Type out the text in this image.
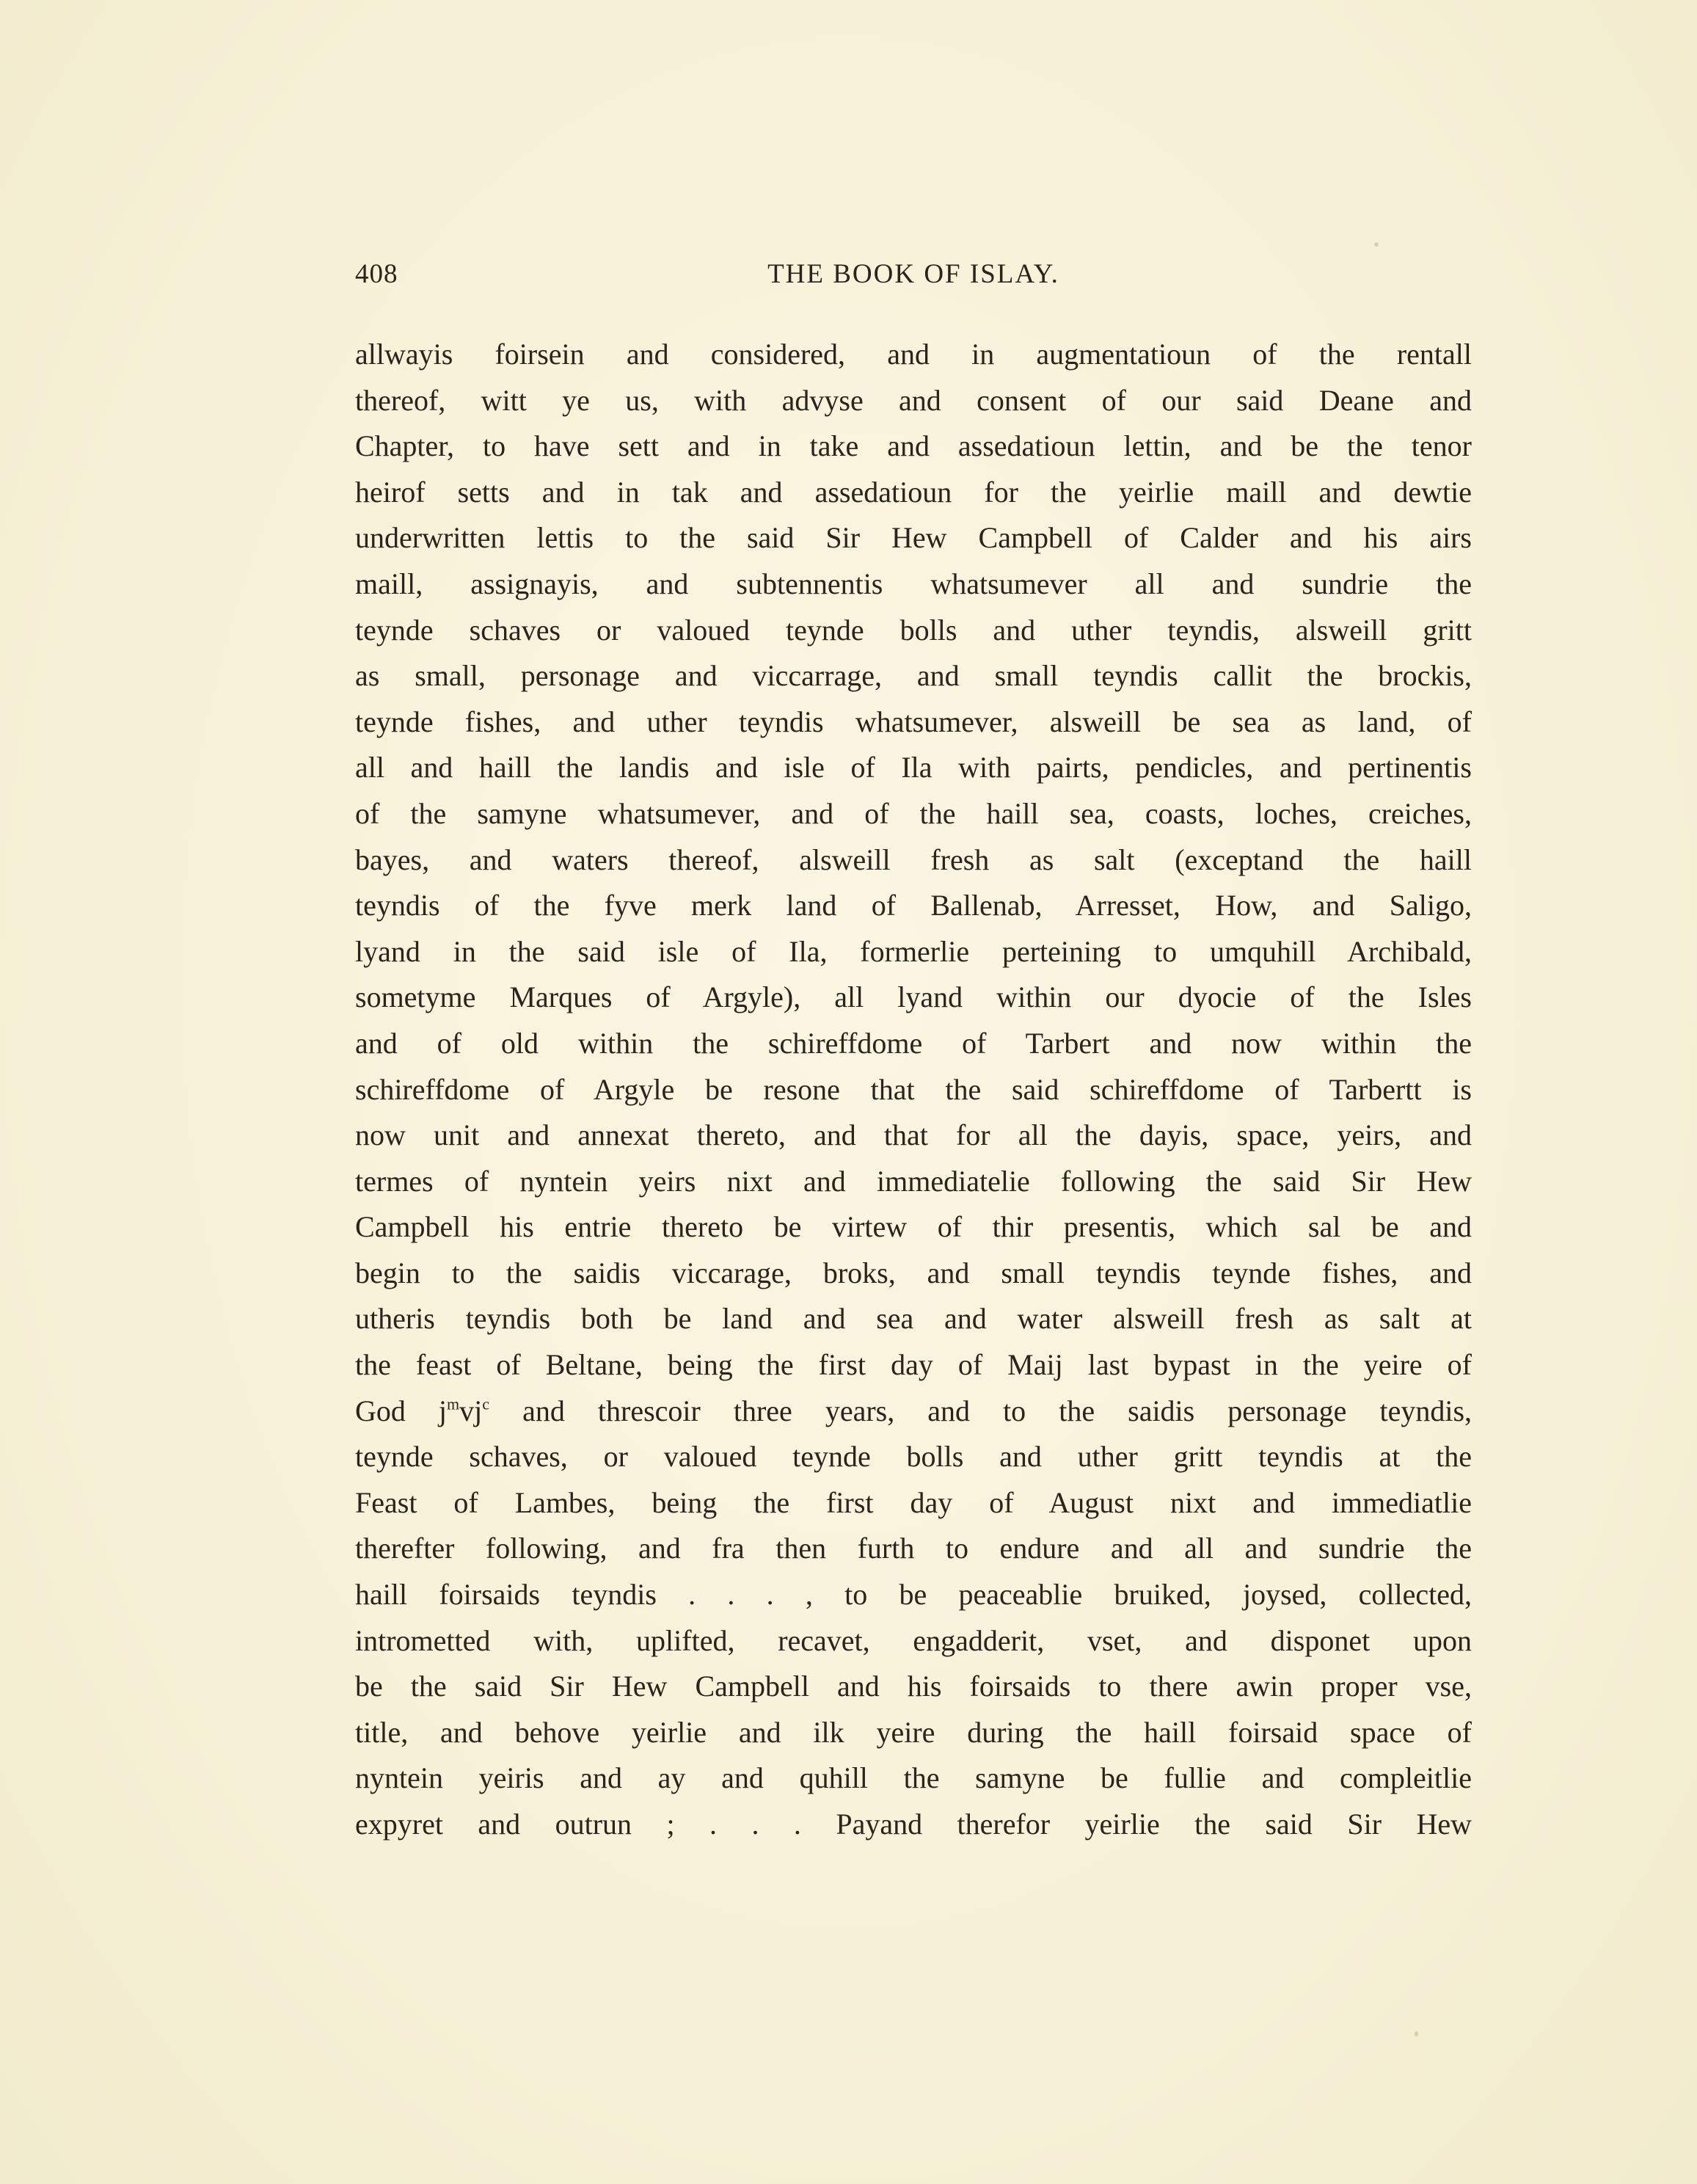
408	THE BOOK OF ISLAY.
allwayis foirsein and considered, and in augmentatioun of the rentall
thereof, witt ye us, with advyse and consent of our said Deane and
Chapter, to have sett and in take and assedatioun lettin, and be the tenor
heirof setts and in tak and assedatioun for the yeirlie maill and dewtie
underwritten lettis to the said Sir Hew Campbell of Calder and his airs
maill, assignayis, and subtennentis whatsumever all and sundrie the
teynde schaves or valoued teynde bolls and uther teyndis, alsweill gritt
as small, personage and viccarrage, and small teyndis callit the brockis,
teynde fishes, and uther teyndis whatsumever, alsweill be sea as land, of
all and haill the landis and isle of Ila with pairts, pendicles, and pertinentis
of the samyne whatsumever, and of the haill sea, coasts, loches, creiches,
bayes, and waters thereof, alsweill fresh as salt (exceptand the haill
teyndis of the fyve merk land of Ballenab, Arresset, How, and Saligo,
lyand in the said isle of Ila, formerlie perteining to umquhill Archibald,
sometyme Marques of Argyle), all lyand within our dyocie of the Isles
and of old within the schireffdome of Tarbert and now within the
schireffdome of Argyle be resone that the said schireffdome of Tarbertt is
now unit and annexat thereto, and that for all the dayis, space, yeirs, and
termes of nyntein yeirs nixt and immediatelie following the said Sir Hew
Campbell his entrie thereto be virtew of thir presentis, which sal be and
begin to the saidis viccarage, broks, and small teyndis teynde fishes, and
utheris teyndis both be land and sea and water alsweill fresh as salt at
the feast of Beltane, being the first day of Maij last bypast in the yeire of
God $j^mvj^c$ and threscoir three years, and to the saidis personage teyndis,
teynde schaves, or valoued teynde bolls and uther gritt teyndis at the
Feast of Lambes, being the first day of August nixt and immediatlie
therefter following, and fra then furth to endure and all and sundrie the
haill foirsaids teyndis . . . , to be peaceablie bruiked, joysed, collected,
intrometted with, uplifted, recavet, engadderit, vset, and disponet upon
be the said Sir Hew Campbell and his foirsaids to there awin proper vse,
title, and behove yeirlie and ilk yeire during the haill foirsaid space of
nyntein yeiris and ay and quhill the samyne be fullie and compleitlie
expyret and outrun ; . . . Payand therefor yeirlie the said Sir Hew
